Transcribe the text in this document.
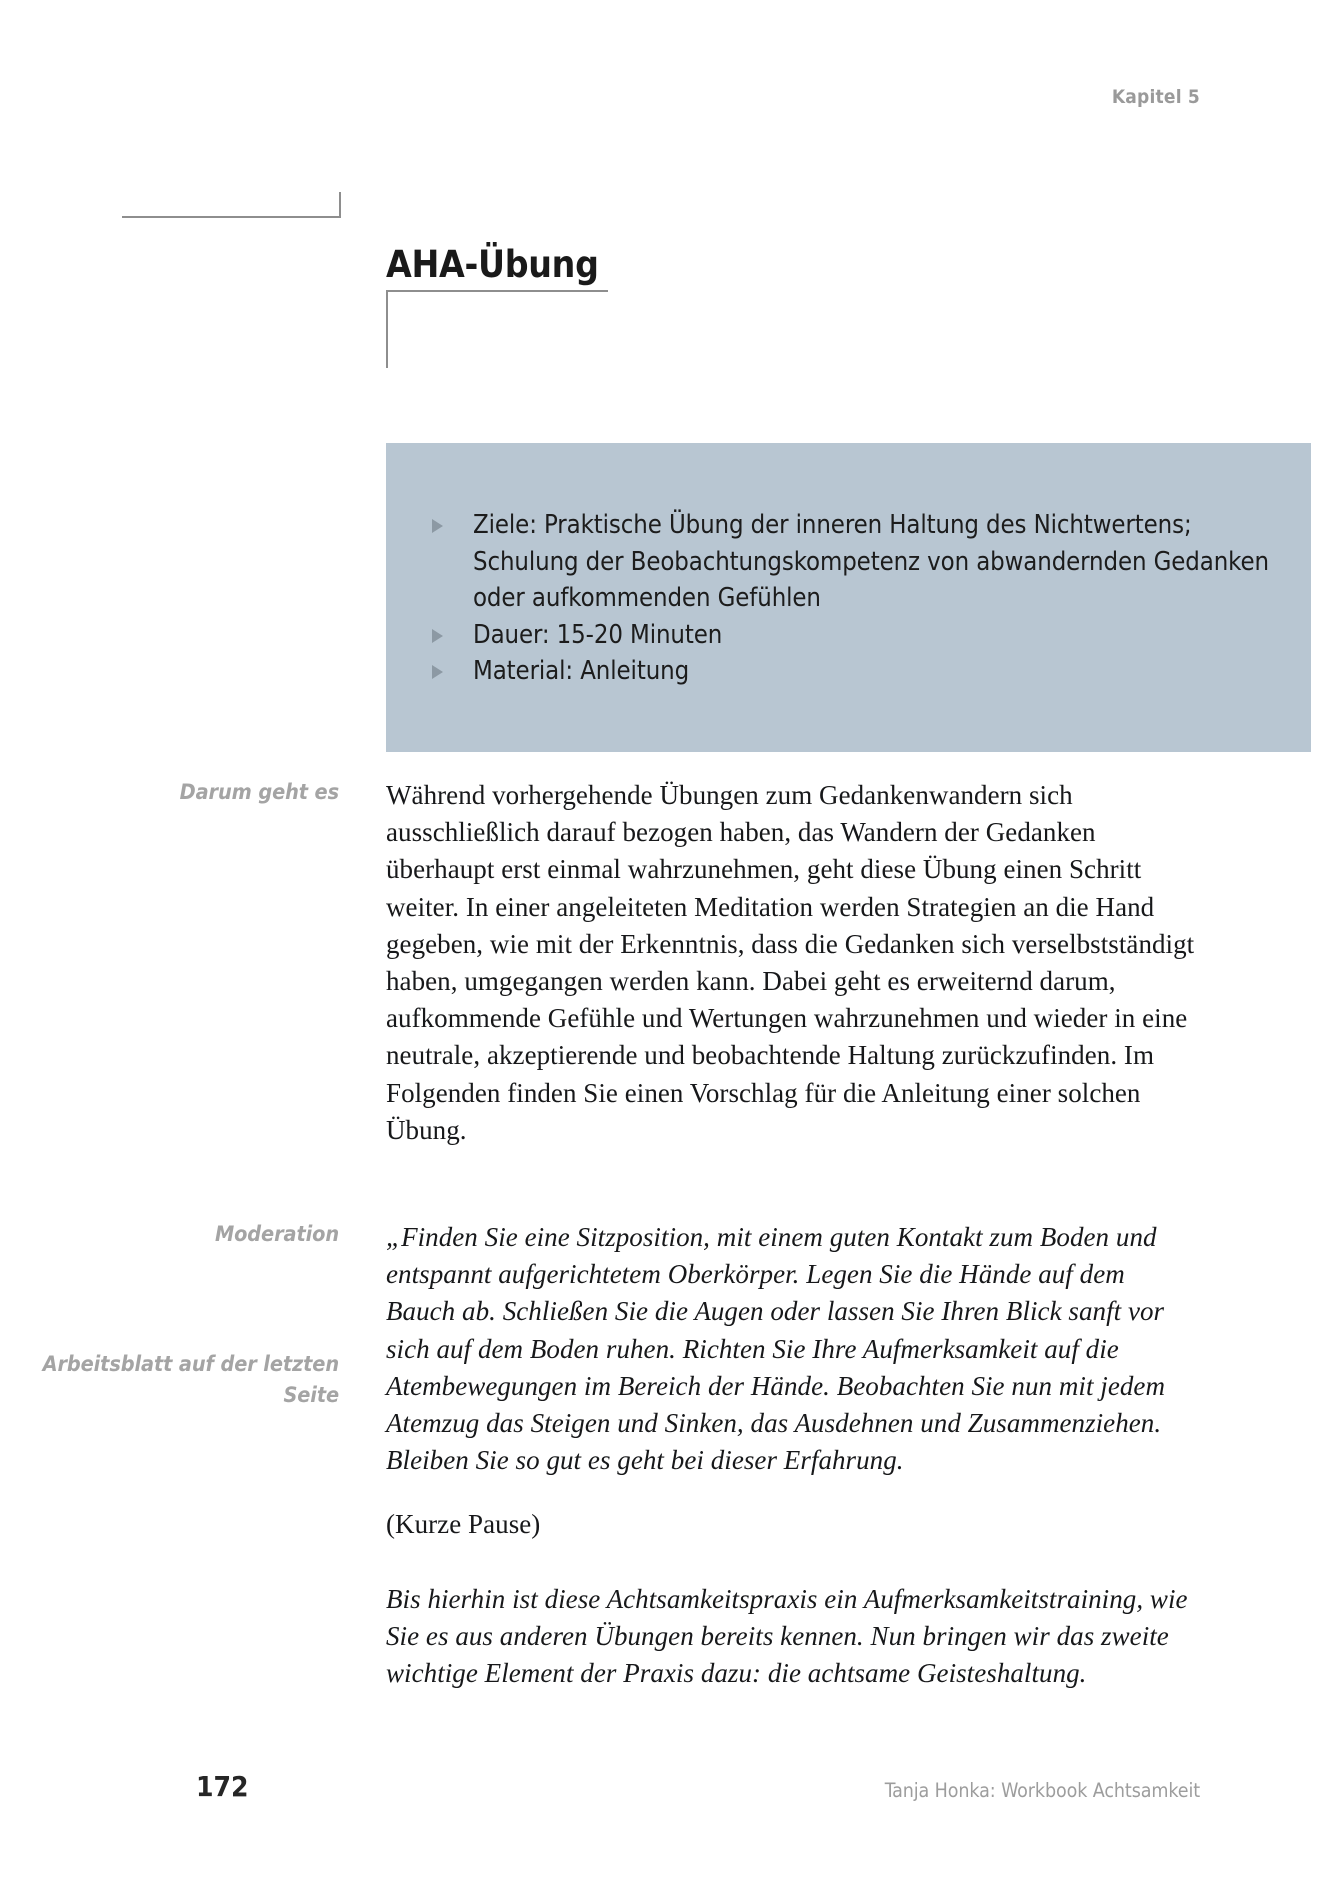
Kapitel 5
AHA-Übung
Ziele: Praktische Übung der inneren Haltung des Nichtwertens; Schulung der Beobachtungskompetenz von abwandernden Gedanken oder aufkommenden Gefühlen
Dauer: 15-20 Minuten
Material: Anleitung
Darum geht es Während vorhergehende Übungen zum Gedankenwandern sich ausschließlich darauf bezogen haben, das Wandern der Gedanken überhaupt erst einmal wahrzunehmen, geht diese Übung einen Schritt weiter. In einer angeleiteten Meditation werden Strategien an die Hand gegeben, wie mit der Erkenntnis, dass die Gedanken sich verselbstständigt haben, umgegangen werden kann. Dabei geht es erweiternd darum, aufkommende Gefühle und Wertungen wahrzunehmen und wieder in eine neutrale, akzeptierende und beobachtende Haltung zurückzufinden. Im Folgenden finden Sie einen Vorschlag für die Anleitung einer solchen Übung.

Moderation
Arbeitsblatt auf der letzten Seite

„Finden Sie eine Sitzposition, mit einem guten Kontakt zum Boden und entspannt aufgerichtetem Oberkörper. Legen Sie die Hände auf dem Bauch ab. Schließen Sie die Augen oder lassen Sie Ihren Blick sanft vor sich auf dem Boden ruhen. Richten Sie Ihre Aufmerksamkeit auf die Atembewegungen im Bereich der Hände. Beobachten Sie nun mit jedem Atemzug das Steigen und Sinken, das Ausdehnen und Zusammenziehen. Bleiben Sie so gut es geht bei dieser Erfahrung.

(Kurze Pause)

Bis hierhin ist diese Achtsamkeitspraxis ein Aufmerksamkeitstraining, wie Sie es aus anderen Übungen bereits kennen. Nun bringen wir das zweite wichtige Element der Praxis dazu: die achtsame Geisteshaltung.

172	Tanja Honka: Workbook Achtsamkeit
